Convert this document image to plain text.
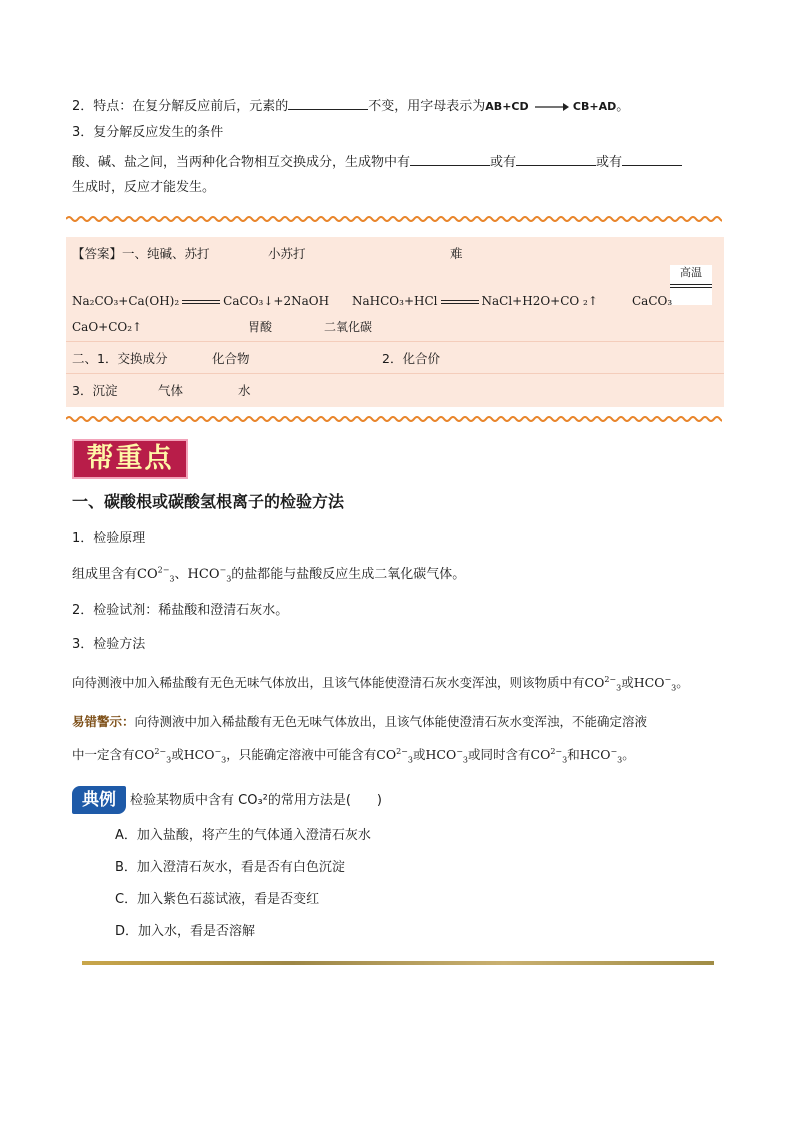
2．特点：在复分解反应前后，元素的	不变，用字母表示为AB+CD	CB+AD。
3．复分解反应发生的条件
酸、碱、盐之间，当两种化合物相互交换成分，生成物中有	或有	或有
生成时，反应才能发生。
【答案】一、纯碱、苏打	小苏打	难
高温
Na₂CO₃+Ca(OH)₂	CaCO₃↓+2NaOH NaHCO₃+HCl	NaCl+H2O+CO ₂↑	CaCO₃
CaO+CO₂↑	胃酸	二氧化碳
二、1．交换成分	化合物	2．化合价
3．沉淀	气体	水
帮重点
一、碳酸根或碳酸氢根离子的检验方法
1．检验原理
组成里含有$CO^{2-}_3$、$HCO^-_3$的盐都能与盐酸反应生成二氧化碳气体。
2．检验试剂：稀盐酸和澄清石灰水。
3．检验方法
向待测液中加入稀盐酸有无色无味气体放出，且该气体能使澄清石灰水变浑浊，则该物质中有$CO^{2-}_3$或$HCO^-_3$。
易错警示：向待测液中加入稀盐酸有无色无味气体放出，且该气体能使澄清石灰水变浑浊，不能确定溶液
中一定含有$CO^{2-}_3$或$HCO^-_3$，只能确定溶液中可能含有$CO^{2-}_3$或$HCO^-_3$或同时含有$CO^{2-}_3$和$HCO^-_3$。
典例	检验某物质中含有 CO₃²的常用方法是(　　)
A．加入盐酸，将产生的气体通入澄清石灰水
B．加入澄清石灰水，看是否有白色沉淀
C．加入紫色石蕊试液，看是否变红
D．加入水，看是否溶解
